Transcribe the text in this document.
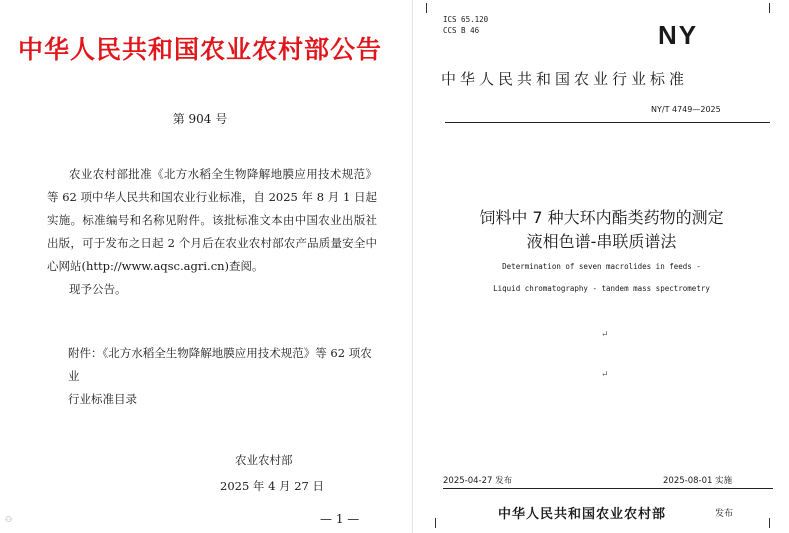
中华人民共和国农业农村部公告
第 904 号

农业农村部批准《北方水稻全生物降解地膜应用技术规范》等 62 项中华人民共和国农业行业标准，自 2025 年 8 月 1 日起实施。标准编号和名称见附件。该批标准文本由中国农业出版社出版，可于发布之日起 2 个月后在农业农村部农产品质量安全中心网站(http://www.aqsc.agri.cn)查阅。

现予公告。

附件：《北方水稻全生物降解地膜应用技术规范》等 62 项农业
行业标准目录
农业农村部
2025 年 4 月 27 日
— 1 —
⚇
ICS 65.120
CCS B 46	NY
中华人民共和国农业行业标准
NY/T 4749—2025
饲料中 7 种大环内酯类药物的测定
液相色谱-串联质谱法
Determination of seven macrolides in feeds -
Liquid chromatography - tandem mass spectrometry
↵
↵
2025-04-27 发布	2025-08-01 实施
中华人民共和国农业农村部	发布
